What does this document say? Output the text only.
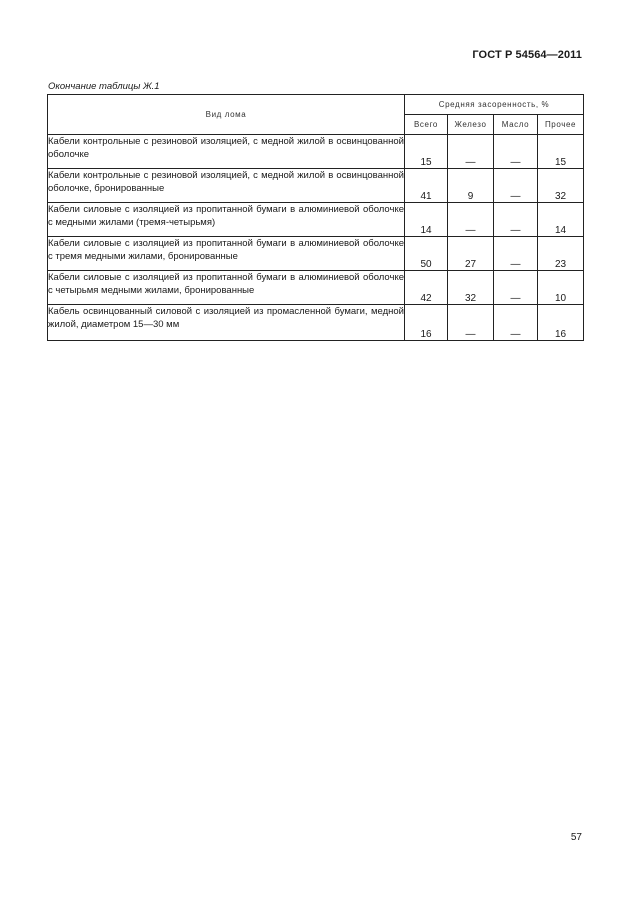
ГОСТ Р 54564—2011
Окончание таблицы Ж.1
Вид лома	Средняя засоренность, %			
	Всего	Железо	Масло	Прочее
Кабели контрольные с резиновой изоляцией, с медной жилой в освинцованной оболочке	15	—	—	15
Кабели контрольные с резиновой изоляцией, с медной жилой в освинцованной оболочке, бронированные	41	9	—	32
Кабели силовые с изоляцией из пропитанной бумаги в алюминиевой оболочке с медными жилами (тремя-четырьмя)	14	—	—	14
Кабели силовые с изоляцией из пропитанной бумаги в алюминиевой оболочке с тремя медными жилами, бронированные	50	27	—	23
Кабели силовые с изоляцией из пропитанной бумаги в алюминиевой оболочке с четырьмя медными жилами, бронированные	42	32	—	10
Кабель освинцованный силовой с изоляцией из промасленной бумаги, медной жилой, диаметром 15—30 мм	16	—	—	16
57
